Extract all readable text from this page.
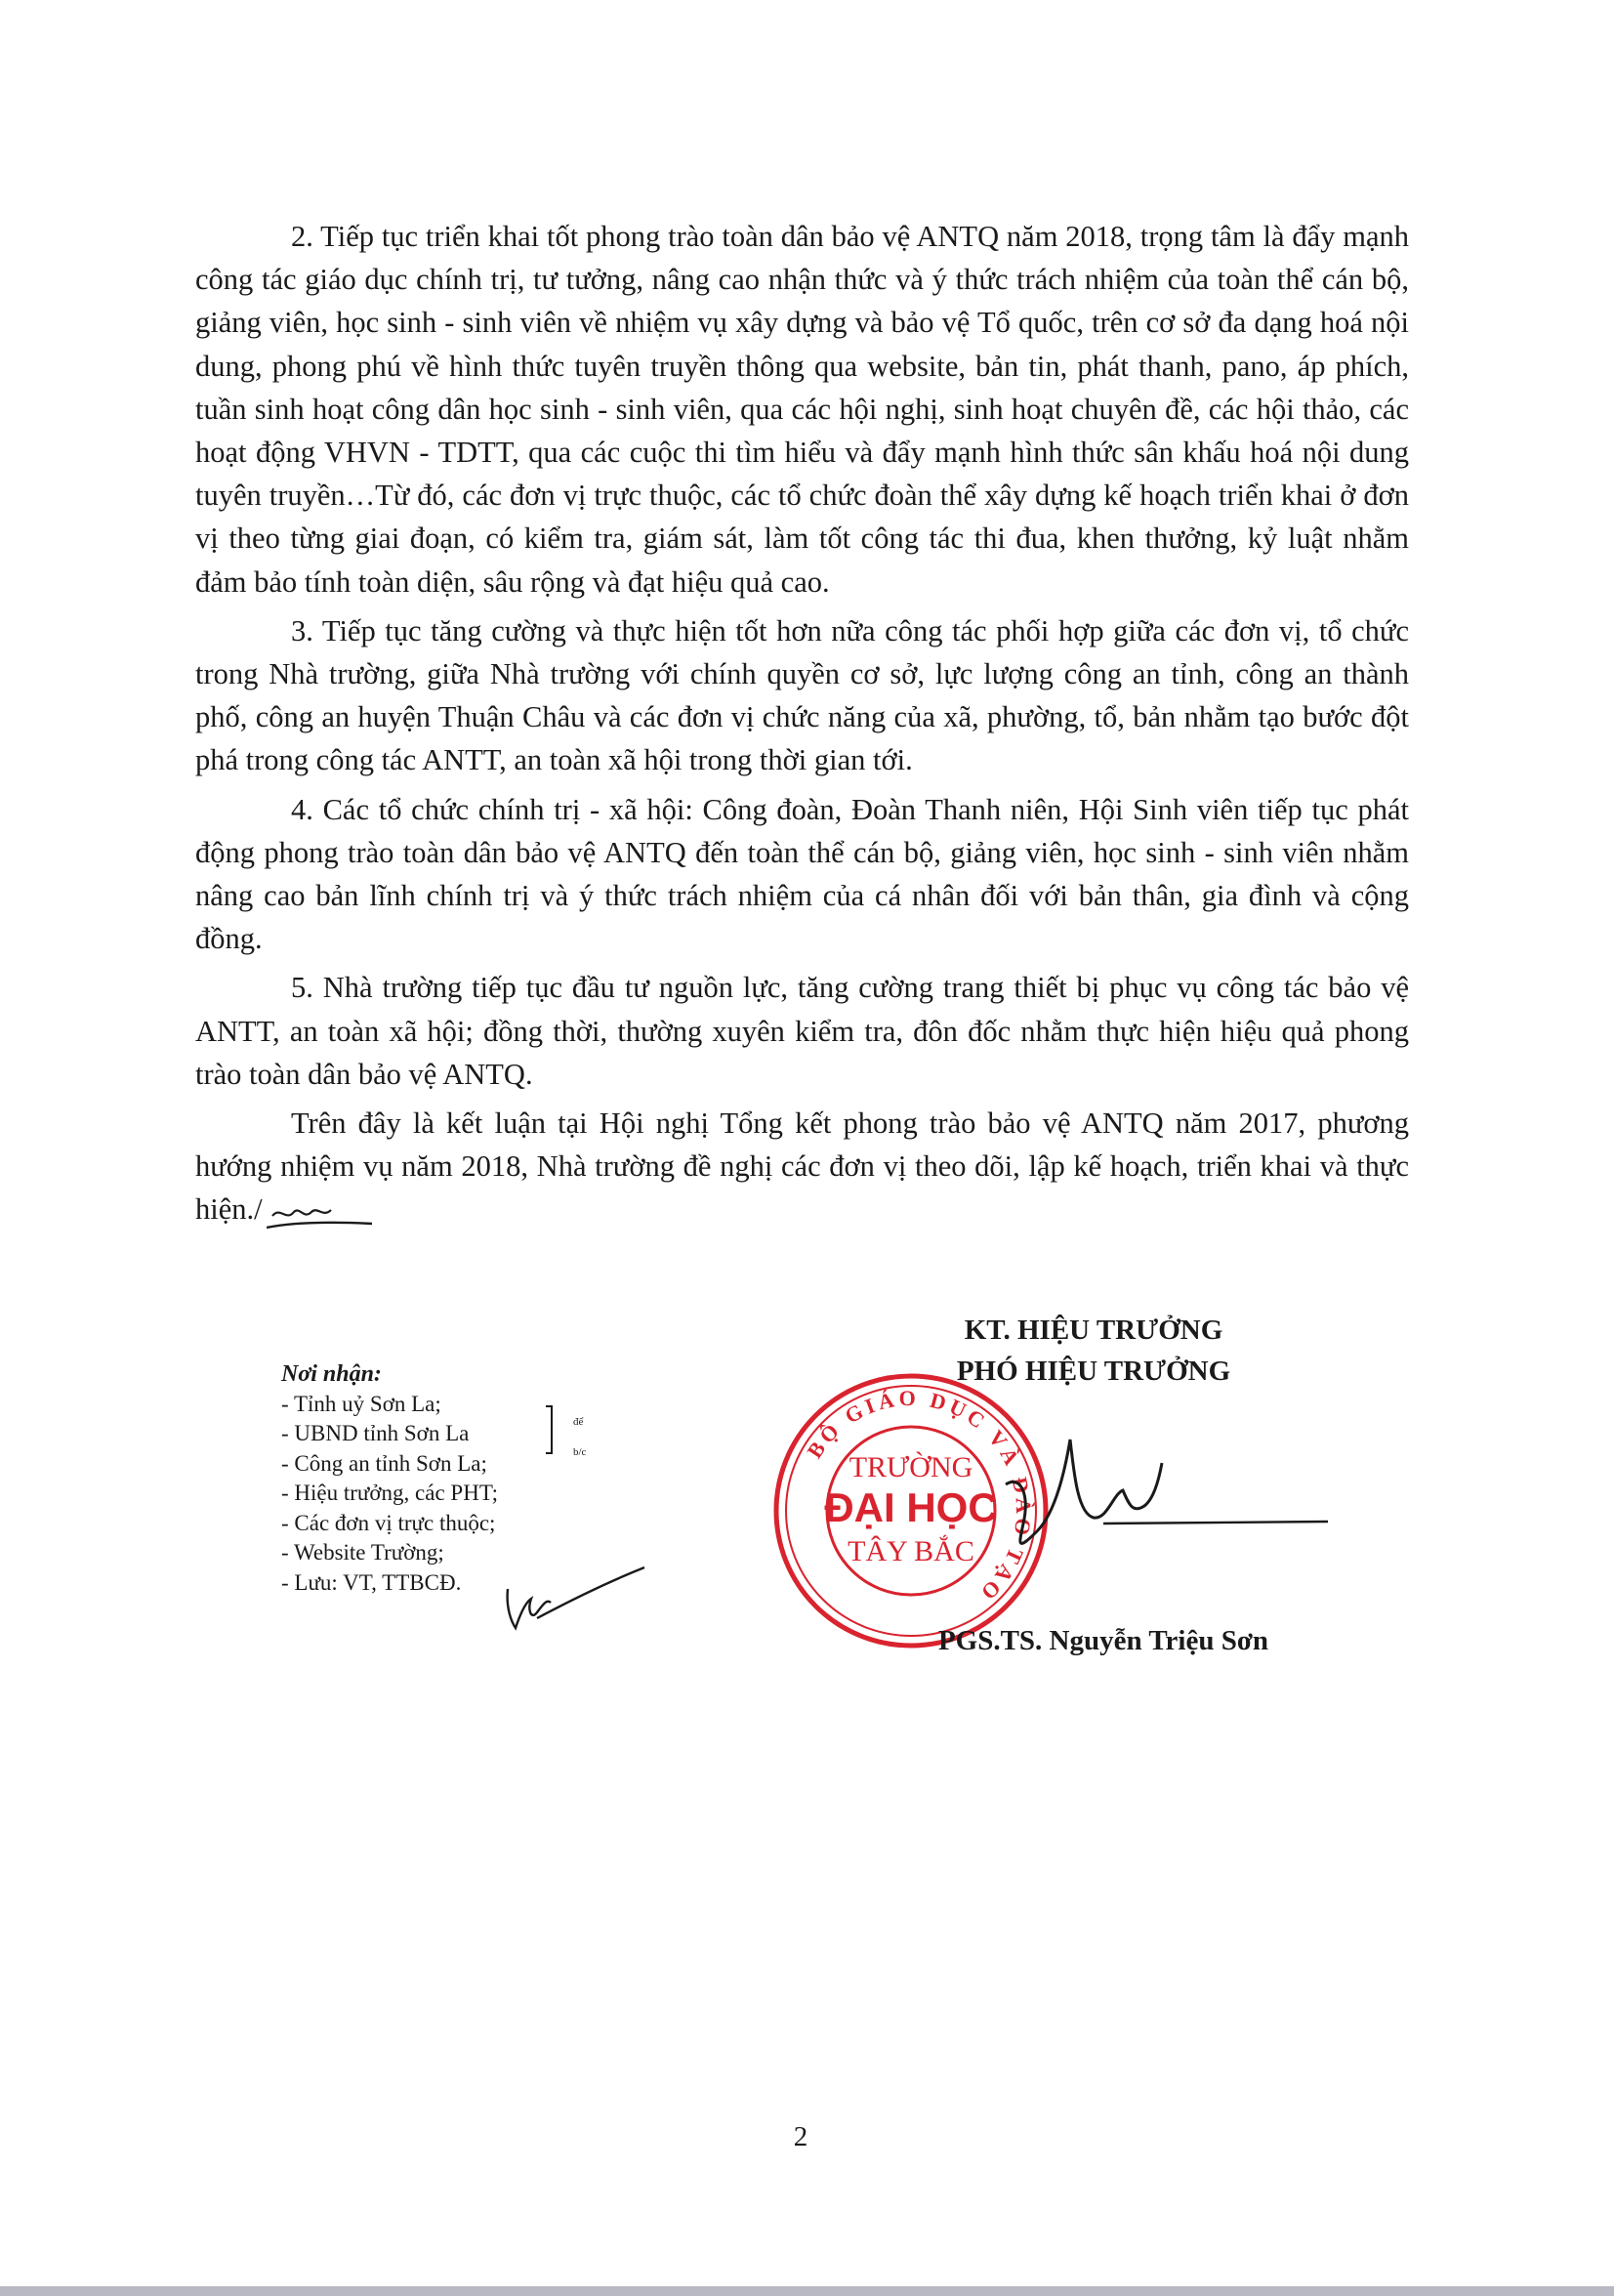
2. Tiếp tục triển khai tốt phong trào toàn dân bảo vệ ANTQ năm 2018, trọng tâm là đẩy mạnh công tác giáo dục chính trị, tư tưởng, nâng cao nhận thức và ý thức trách nhiệm của toàn thể cán bộ, giảng viên, học sinh - sinh viên về nhiệm vụ xây dựng và bảo vệ Tổ quốc, trên cơ sở đa dạng hoá nội dung, phong phú về hình thức tuyên truyền thông qua website, bản tin, phát thanh, pano, áp phích, tuần sinh hoạt công dân học sinh - sinh viên, qua các hội nghị, sinh hoạt chuyên đề, các hội thảo, các hoạt động VHVN - TDTT, qua các cuộc thi tìm hiểu và đẩy mạnh hình thức sân khấu hoá nội dung tuyên truyền…Từ đó, các đơn vị trực thuộc, các tổ chức đoàn thể xây dựng kế hoạch triển khai ở đơn vị theo từng giai đoạn, có kiểm tra, giám sát, làm tốt công tác thi đua, khen thưởng, kỷ luật nhằm đảm bảo tính toàn diện, sâu rộng và đạt hiệu quả cao.

3. Tiếp tục tăng cường và thực hiện tốt hơn nữa công tác phối hợp giữa các đơn vị, tổ chức trong Nhà trường, giữa Nhà trường với chính quyền cơ sở, lực lượng công an tỉnh, công an thành phố, công an huyện Thuận Châu và các đơn vị chức năng của xã, phường, tổ, bản nhằm tạo bước đột phá trong công tác ANTT, an toàn xã hội trong thời gian tới.

4. Các tổ chức chính trị - xã hội: Công đoàn, Đoàn Thanh niên, Hội Sinh viên tiếp tục phát động phong trào toàn dân bảo vệ ANTQ đến toàn thể cán bộ, giảng viên, học sinh - sinh viên nhằm nâng cao bản lĩnh chính trị và ý thức trách nhiệm của cá nhân đối với bản thân, gia đình và cộng đồng.

5. Nhà trường tiếp tục đầu tư nguồn lực, tăng cường trang thiết bị phục vụ công tác bảo vệ ANTT, an toàn xã hội; đồng thời, thường xuyên kiểm tra, đôn đốc nhằm thực hiện hiệu quả phong trào toàn dân bảo vệ ANTQ.

Trên đây là kết luận tại Hội nghị Tổng kết phong trào bảo vệ ANTQ năm 2017, phương hướng nhiệm vụ năm 2018, Nhà trường đề nghị các đơn vị theo dõi, lập kế hoạch, triển khai và thực hiện./

Nơi nhận:
- Tỉnh uỷ Sơn La;
- UBND tỉnh Sơn La
- Công an tỉnh Sơn La;
- Hiệu trưởng, các PHT;
- Các đơn vị trực thuộc;
- Website Trường;
- Lưu: VT, TTBCĐ.
để b/c
KT. HIỆU TRƯỞNG
PHÓ HIỆU TRƯỞNG
BỘ GIÁO DỤC VÀ ĐÀO TẠO
TRƯỜNG
ĐẠI HỌC
TÂY BẮC
PGS.TS. Nguyễn Triệu Sơn
2
